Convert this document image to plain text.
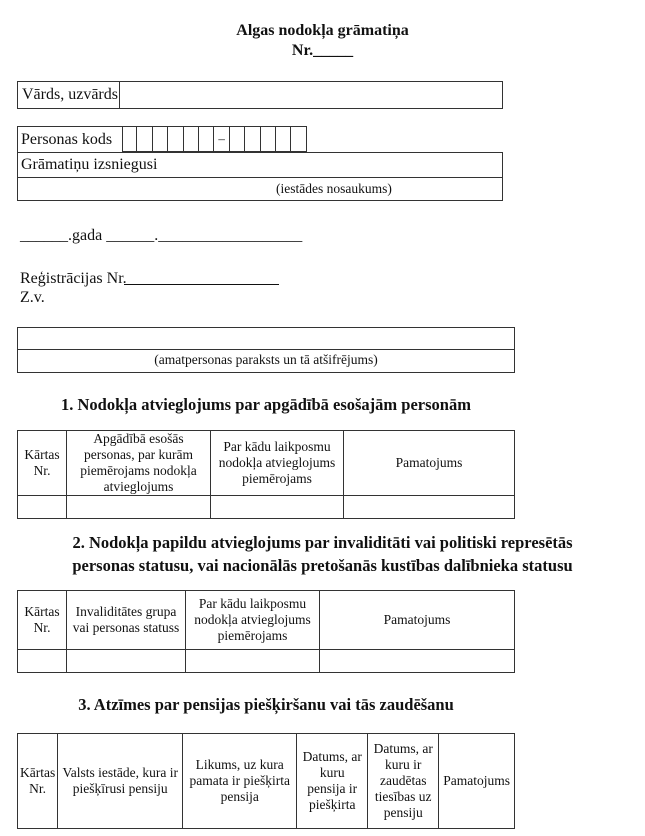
Algas nodokļa grāmatiņa
Nr._____
Vārds, uzvārds
Personas kods	–
Grāmatiņu izsniegusi
(iestādes nosaukums)
______.gada ______.__________________
Reģistrācijas Nr.
Z.v.
(amatpersonas paraksts un tā atšifrējums)
1. Nodokļa atvieglojums par apgādībā esošajām personām
Kārtas Nr.	Apgādībā esošās personas, par kurām piemērojams nodokļa atvieglojums	Par kādu laikposmu nodokļa atvieglojums piemērojams	Pamatojums

2. Nodokļa papildu atvieglojums par invaliditāti vai politiski represētās
personas statusu, vai nacionālās pretošanās kustības dalībnieka statusu
Kārtas Nr.	Invaliditātes grupa vai personas statuss	Par kādu laikposmu nodokļa atvieglojums piemērojams	Pamatojums

3. Atzīmes par pensijas piešķiršanu vai tās zaudēšanu
Kārtas Nr.	Valsts iestāde, kura ir piešķīrusi pensiju	Likums, uz kura pamata ir piešķirta pensija	Datums, ar kuru pensija ir piešķirta	Datums, ar kuru ir zaudētas tiesības uz pensiju	Pamatojums
